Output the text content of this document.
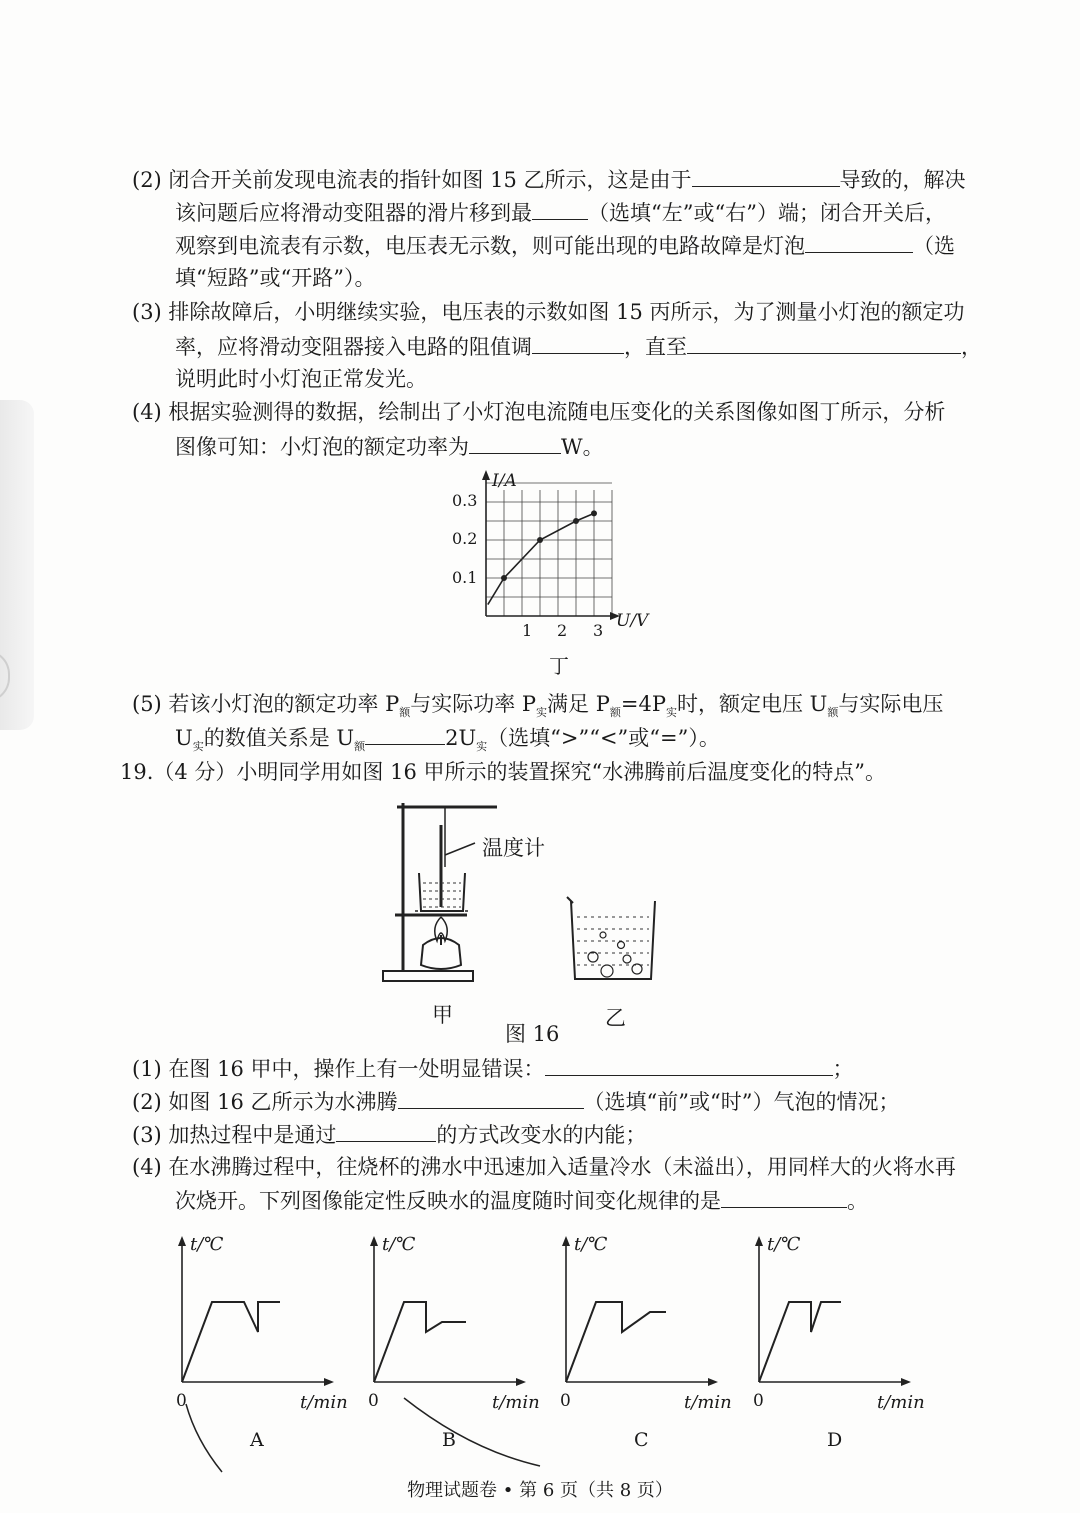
(2) 闭合开关前发现电流表的指针如图 15 乙所示，这是由于	导致的，解决
该问题后应将滑动变阻器的滑片移到最	（选填“左”或“右”）端；闭合开关后，
观察到电流表有示数，电压表无示数，则可能出现的电路故障是灯泡	（选
填“短路”或“开路”）。
(3) 排除故障后，小明继续实验，电压表的示数如图 15 丙所示，为了测量小灯泡的额定功
率，应将滑动变阻器接入电路的阻值调	，直至	，
说明此时小灯泡正常发光。
(4) 根据实验测得的数据，绘制出了小灯泡电流随电压变化的关系图像如图丁所示，分析
图像可知：小灯泡的额定功率为	W。
I/A
U/V
0.3
0.2
0.1
1 2 3
丁
(5) 若该小灯泡的额定功率 $P_额$与实际功率 $P_实$满足 $P_额=4P_实$时，额定电压 $U_额$与实际电压
$U_实$的数值关系是 $U_额$	$2U_实$（选填“>”“<”或“=”）。
19.（4 分）小明同学用如图 16 甲所示的装置探究“水沸腾前后温度变化的特点”。
温度计
甲	乙
图 16
(1) 在图 16 甲中，操作上有一处明显错误：	；
(2) 如图 16 乙所示为水沸腾	（选填“前”或“时”）气泡的情况；
(3) 加热过程中是通过	的方式改变水的内能；
(4) 在水沸腾过程中，往烧杯的沸水中迅速加入适量冷水（未溢出），用同样大的火将水再
次烧开。下列图像能定性反映水的温度随时间变化规律的是	。
t/℃
t/min
0
A
t/℃
t/min
0
B
t/℃
t/min
0
C
t/℃
t/min
0
D
物理试题卷 • 第 6 页（共 8 页）
